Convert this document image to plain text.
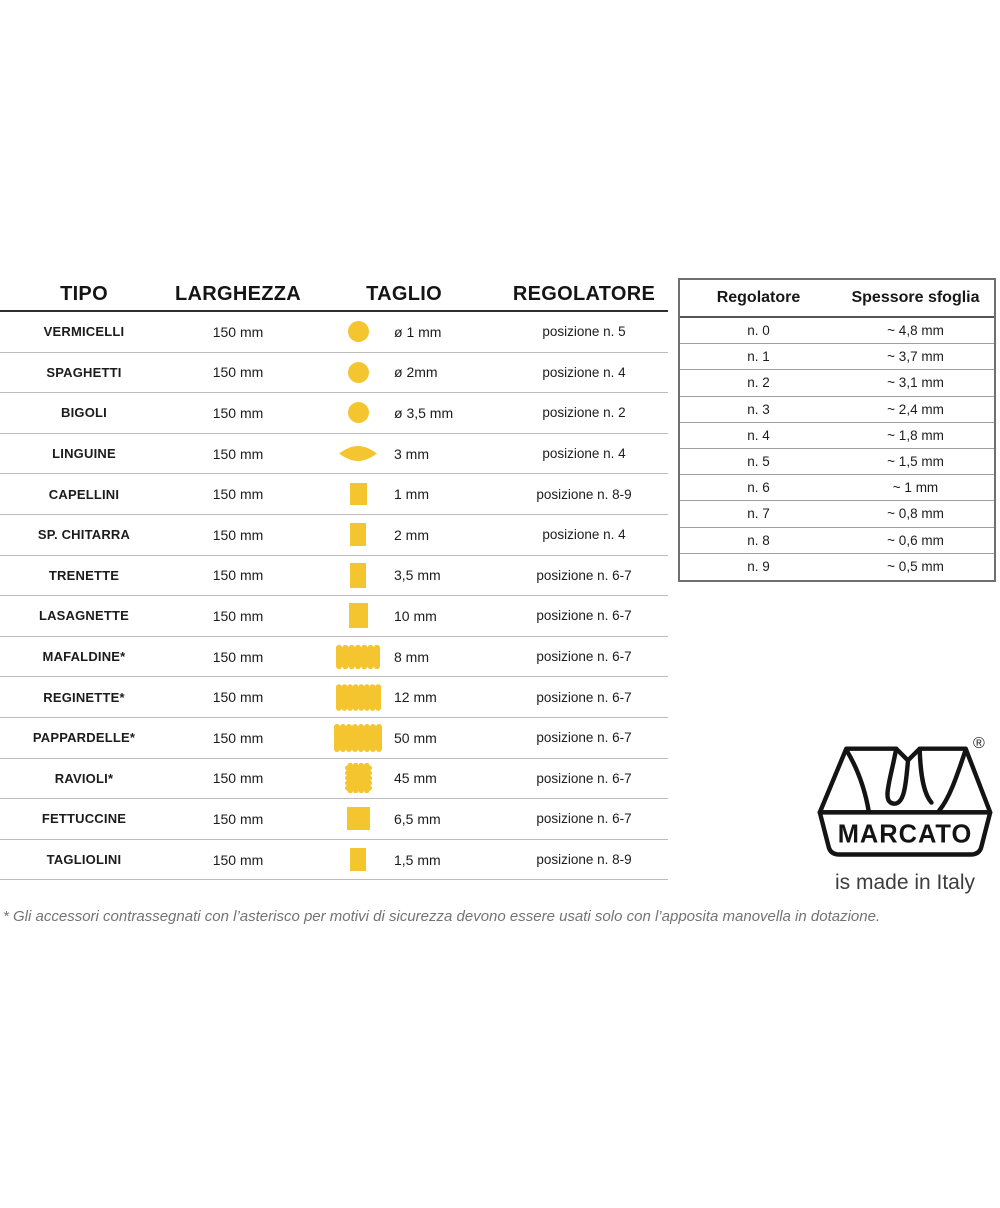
TIPO	LARGHEZZA	TAGLIO	REGOLATORE
VERMICELLI	150 mm	ø 1 mm	posizione n. 5
SPAGHETTI	150 mm	ø 2mm	posizione n. 4
BIGOLI	150 mm	ø 3,5 mm	posizione n. 2
LINGUINE	150 mm	3 mm	posizione n. 4
CAPELLINI	150 mm	1 mm	posizione n. 8-9
SP. CHITARRA	150 mm	2 mm	posizione n. 4
TRENETTE	150 mm	3,5 mm	posizione n. 6-7
LASAGNETTE	150 mm	10 mm	posizione n. 6-7
MAFALDINE*	150 mm	8 mm	posizione n. 6-7
REGINETTE*	150 mm	12 mm	posizione n. 6-7
PAPPARDELLE*	150 mm	50 mm	posizione n. 6-7
RAVIOLI*	150 mm	45 mm	posizione n. 6-7
FETTUCCINE	150 mm	6,5 mm	posizione n. 6-7
TAGLIOLINI	150 mm	1,5 mm	posizione n. 8-9
Regolatore	Spessore sfoglia
n. 0	~ 4,8 mm
n. 1	~ 3,7 mm
n. 2	~ 3,1 mm
n. 3	~ 2,4 mm
n. 4	~ 1,8 mm
n. 5	~ 1,5 mm
n. 6	~ 1 mm
n. 7	~ 0,8 mm
n. 8	~ 0,6 mm
n. 9	~ 0,5 mm
MARCATO
®
is made in Italy
* Gli accessori contrassegnati con l’asterisco per motivi di sicurezza devono essere usati solo con l’apposita manovella in dotazione.
